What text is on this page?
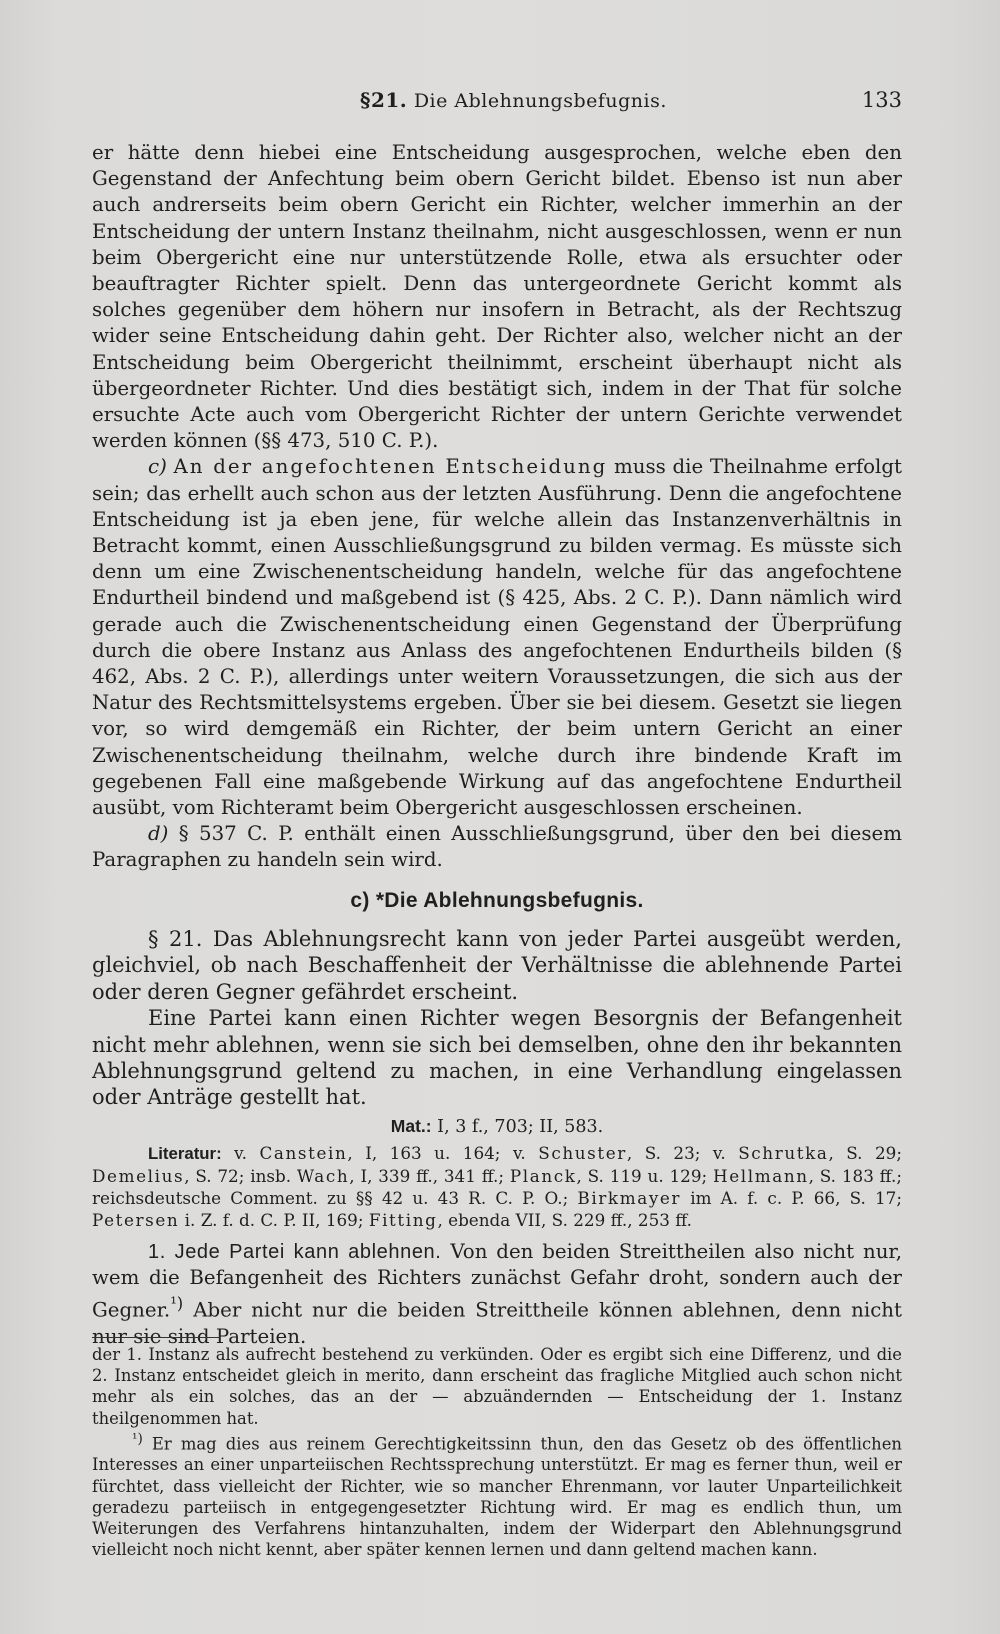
§21. Die Ablehnungsbefugnis.	133

er hätte denn hiebei eine Entscheidung ausgesprochen, welche eben den Gegenstand der Anfechtung beim obern Gericht bildet. Ebenso ist nun aber auch andrerseits beim obern Gericht ein Richter, welcher immerhin an der Entscheidung der untern Instanz theilnahm, nicht ausgeschlossen, wenn er nun beim Obergericht eine nur unterstützende Rolle, etwa als ersuchter oder beauftragter Richter spielt. Denn das untergeordnete Gericht kommt als solches gegenüber dem höhern nur insofern in Betracht, als der Rechtszug wider seine Entscheidung dahin geht. Der Richter also, welcher nicht an der Entscheidung beim Obergericht theilnimmt, erscheint überhaupt nicht als übergeordneter Richter. Und dies bestätigt sich, indem in der That für solche ersuchte Acte auch vom Obergericht Richter der untern Gerichte verwendet werden können (§§ 473, 510 C. P.).

c) An der angefochtenen Entscheidung muss die Theilnahme erfolgt sein; das erhellt auch schon aus der letzten Ausführung. Denn die angefochtene Entscheidung ist ja eben jene, für welche allein das Instanzenverhältnis in Betracht kommt, einen Ausschließungsgrund zu bilden vermag. Es müsste sich denn um eine Zwischenentscheidung handeln, welche für das angefochtene Endurtheil bindend und maßgebend ist (§ 425, Abs. 2 C. P.). Dann nämlich wird gerade auch die Zwischenentscheidung einen Gegenstand der Überprüfung durch die obere Instanz aus Anlass des angefochtenen Endurtheils bilden (§ 462, Abs. 2 C. P.), allerdings unter weitern Voraussetzungen, die sich aus der Natur des Rechtsmittelsystems ergeben. Über sie bei diesem. Gesetzt sie liegen vor, so wird demgemäß ein Richter, der beim untern Gericht an einer Zwischenentscheidung theilnahm, welche durch ihre bindende Kraft im gegebenen Fall eine maßgebende Wirkung auf das angefochtene Endurtheil ausübt, vom Richteramt beim Obergericht ausgeschlossen erscheinen.

d) § 537 C. P. enthält einen Ausschließungsgrund, über den bei diesem Paragraphen zu handeln sein wird.

c) *Die Ablehnungsbefugnis.

§ 21. Das Ablehnungsrecht kann von jeder Partei ausgeübt werden, gleichviel, ob nach Beschaffenheit der Verhältnisse die ablehnende Partei oder deren Gegner gefährdet erscheint.

Eine Partei kann einen Richter wegen Besorgnis der Befangenheit nicht mehr ablehnen, wenn sie sich bei demselben, ohne den ihr bekannten Ablehnungsgrund geltend zu machen, in eine Verhandlung eingelassen oder Anträge gestellt hat.

Mat.: I, 3 f., 703; II, 583.

Literatur: v. Canstein, I, 163 u. 164; v. Schuster, S. 23; v. Schrutka, S. 29; Demelius, S. 72; insb. Wach, I, 339 ff., 341 ff.; Planck, S. 119 u. 129; Hellmann, S. 183 ff.; reichsdeutsche Comment. zu §§ 42 u. 43 R. C. P. O.; Birkmayer im A. f. c. P. 66, S. 17; Petersen i. Z. f. d. C. P. II, 169; Fitting, ebenda VII, S. 229 ff., 253 ff.

1. Jede Partei kann ablehnen. Von den beiden Streittheilen also nicht nur, wem die Befangenheit des Richters zunächst Gefahr droht, sondern auch der Gegner.$^{^1)}$ Aber nicht nur die beiden Streittheile können ablehnen, denn nicht nur sie sind Parteien.

der 1. Instanz als aufrecht bestehend zu verkünden. Oder es ergibt sich eine Differenz, und die 2. Instanz entscheidet gleich in merito, dann erscheint das fragliche Mitglied auch schon nicht mehr als ein solches, das an der — abzuändernden — Entscheidung der 1. Instanz theilgenommen hat.

$^{^1)}$ Er mag dies aus reinem Gerechtigkeitssinn thun, den das Gesetz ob des öffentlichen Interesses an einer unparteiischen Rechtssprechung unterstützt. Er mag es ferner thun, weil er fürchtet, dass vielleicht der Richter, wie so mancher Ehrenmann, vor lauter Unparteilichkeit geradezu parteiisch in entgegengesetzter Richtung wird. Er mag es endlich thun, um Weiterungen des Verfahrens hintanzuhalten, indem der Widerpart den Ablehnungsgrund vielleicht noch nicht kennt, aber später kennen lernen und dann geltend machen kann.
